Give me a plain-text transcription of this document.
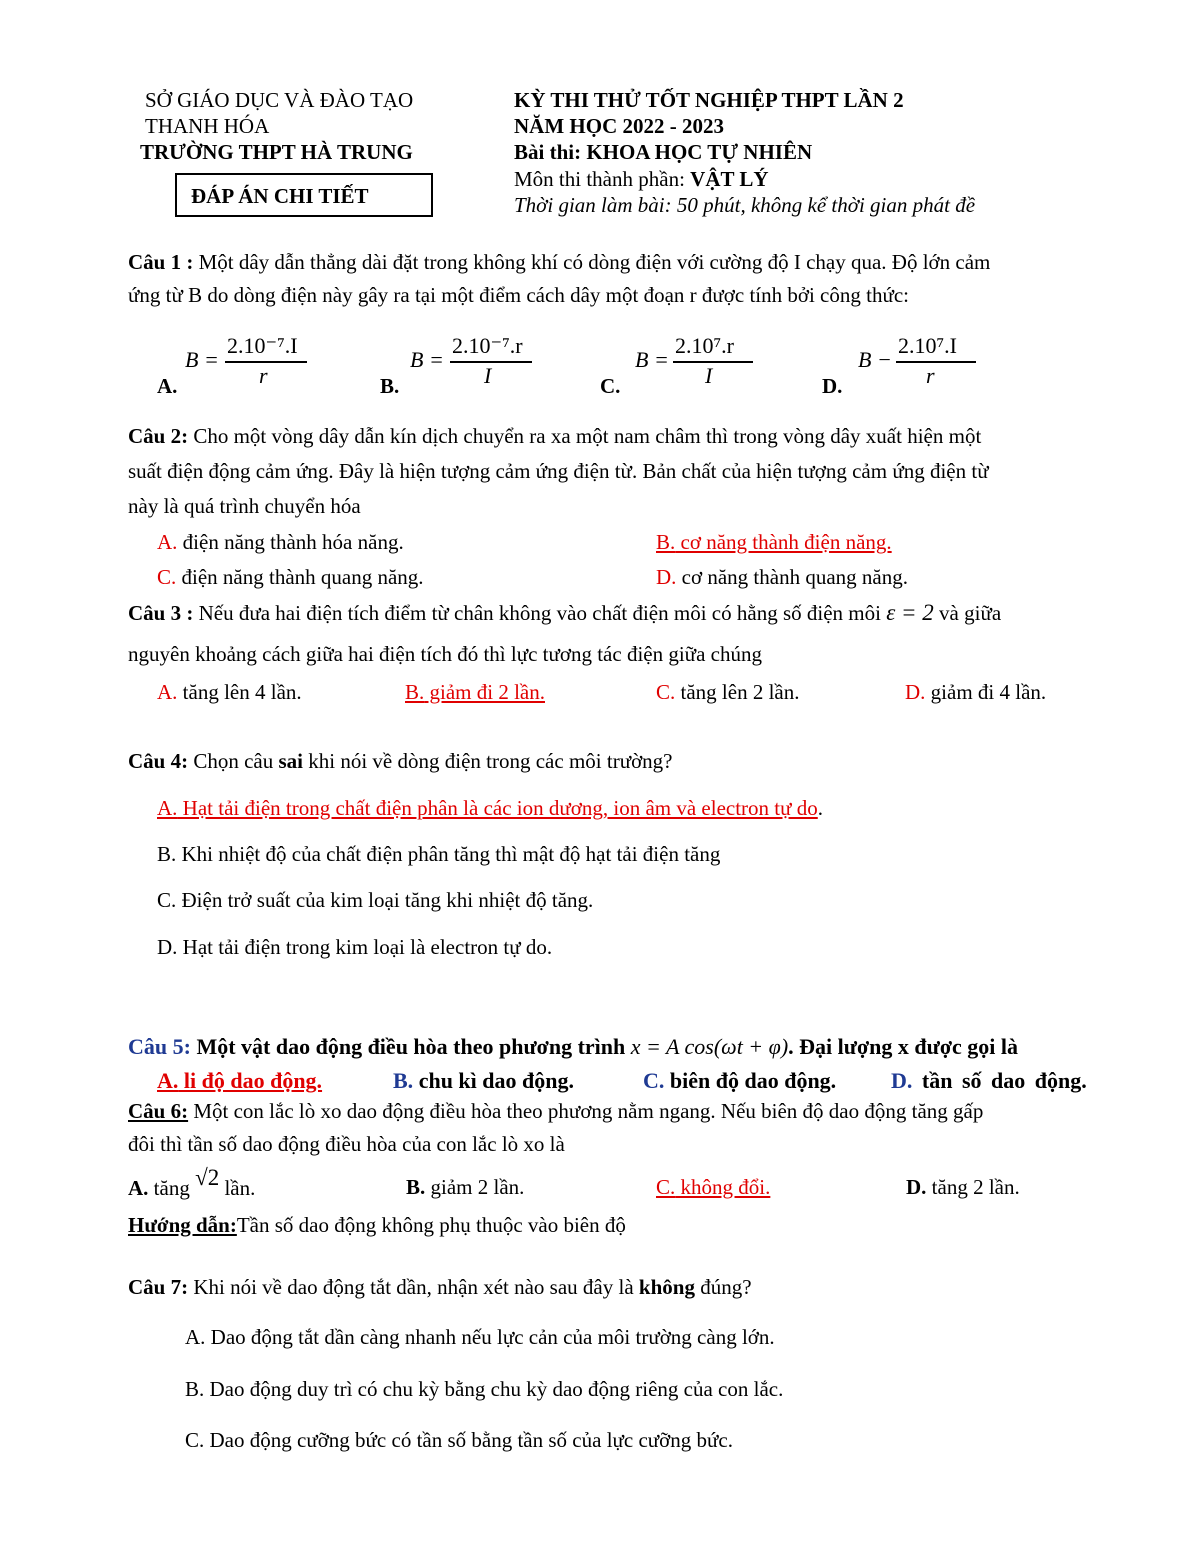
SỞ GIÁO DỤC VÀ ĐÀO TẠO
THANH HÓA
TRƯỜNG THPT HÀ TRUNG
ĐÁP ÁN CHI TIẾT
KỲ THI THỬ TỐT NGHIỆP THPT LẦN 2
NĂM HỌC 2022 - 2023
Bài thi: KHOA HỌC TỰ NHIÊN
Môn thi thành phần: VẬT LÝ
Thời gian làm bài: 50 phút, không kể thời gian phát đề
Câu 1 : Một dây dẫn thẳng dài đặt trong không khí có dòng điện với cường độ I chạy qua. Độ lớn cảm
ứng từ B do dòng điện này gây ra tại một điểm cách dây một đoạn r được tính bởi công thức:
A.
B =
2.10⁻⁷.I
r	B.
B =
2.10⁻⁷.r
I	C.
B =
2.10⁷.r
I	D.
B −
2.10⁷.I
r
Câu 2: Cho một vòng dây dẫn kín dịch chuyển ra xa một nam châm thì trong vòng dây xuất hiện một
suất điện động cảm ứng. Đây là hiện tượng cảm ứng điện từ. Bản chất của hiện tượng cảm ứng điện từ
này là quá trình chuyển hóa
A. điện năng thành hóa năng.	B. cơ năng thành điện năng.
C. điện năng thành quang năng.	D. cơ năng thành quang năng.
Câu 3 : Nếu đưa hai điện tích điểm từ chân không vào chất điện môi có hằng số điện môi ε = 2 và giữa
nguyên khoảng cách giữa hai điện tích đó thì lực tương tác điện giữa chúng
A. tăng lên 4 lần.	B. giảm đi 2 lần.	C. tăng lên 2 lần.	D. giảm đi 4 lần.
Câu 4: Chọn câu sai khi nói về dòng điện trong các môi trường?
A. Hạt tải điện trong chất điện phân là các ion dương, ion âm và electron tự do.
B. Khi nhiệt độ của chất điện phân tăng thì mật độ hạt tải điện tăng
C. Điện trở suất của kim loại tăng khi nhiệt độ tăng.
D. Hạt tải điện trong kim loại là electron tự do.
Câu 5: Một vật dao động điều hòa theo phương trình x = A cos(ωt + φ). Đại lượng x được gọi là
A. li độ dao động.	B. chu kì dao động.	C. biên độ dao động. D. tần số dao động.
Câu 6: Một con lắc lò xo dao động điều hòa theo phương nằm ngang. Nếu biên độ dao động tăng gấp
đôi thì tần số dao động điều hòa của con lắc lò xo là
A. tăng √2 lần.	B. giảm 2 lần.	C. không đổi.	D. tăng 2 lần.
Hướng dẫn:Tần số dao động không phụ thuộc vào biên độ
Câu 7: Khi nói về dao động tắt dần, nhận xét nào sau đây là không đúng?
A. Dao động tắt dần càng nhanh nếu lực cản của môi trường càng lớn.
B. Dao động duy trì có chu kỳ bằng chu kỳ dao động riêng của con lắc.
C. Dao động cưỡng bức có tần số bằng tần số của lực cưỡng bức.
